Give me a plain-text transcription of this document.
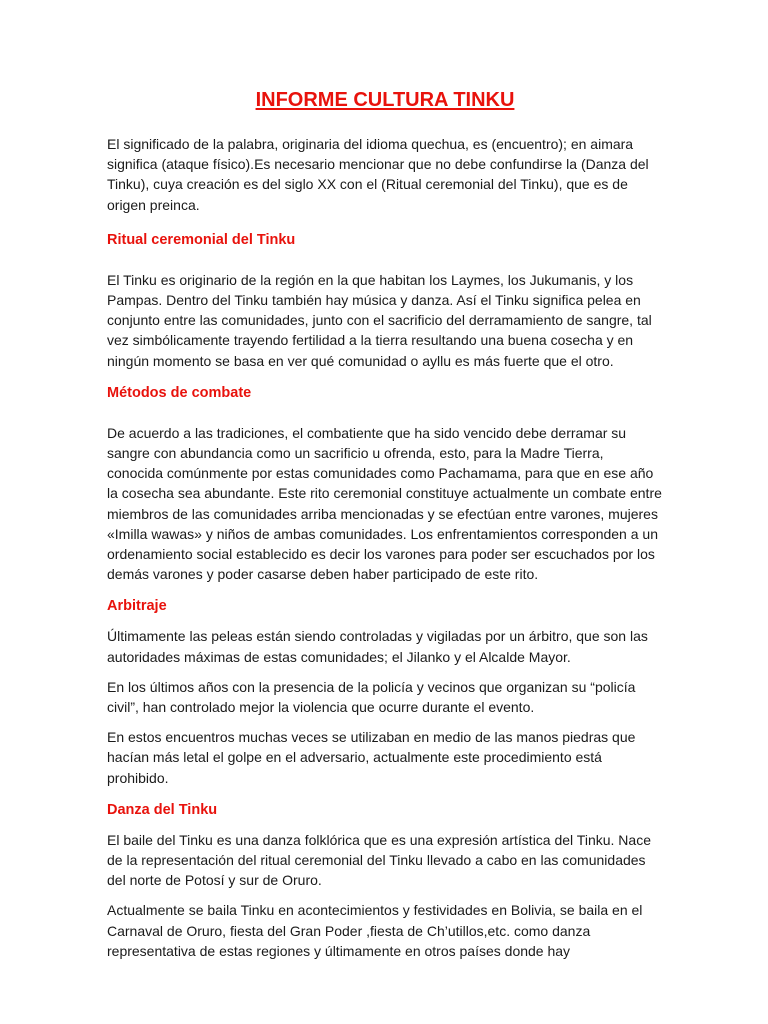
INFORME CULTURA TINKU

El significado de la palabra, originaria del idioma quechua, es (encuentro); en aimara significa (ataque físico).Es necesario mencionar que no debe confundirse la (Danza del Tinku), cuya creación es del siglo XX con el (Ritual ceremonial del Tinku), que es de origen preinca.

Ritual ceremonial del Tinku

El Tinku es originario de la región en la que habitan los Laymes, los Jukumanis, y los Pampas. Dentro del Tinku también hay música y danza. Así el Tinku significa pelea en conjunto entre las comunidades, junto con el sacrificio del derramamiento de sangre, tal vez simbólicamente trayendo fertilidad a la tierra resultando una buena cosecha y en ningún momento se basa en ver qué comunidad o ayllu es más fuerte que el otro.

Métodos de combate

De acuerdo a las tradiciones, el combatiente que ha sido vencido debe derramar su sangre con abundancia como un sacrificio u ofrenda, esto, para la Madre Tierra, conocida comúnmente por estas comunidades como Pachamama, para que en ese año la cosecha sea abundante. Este rito ceremonial constituye actualmente un combate entre miembros de las comunidades arriba mencionadas y se efectúan entre varones, mujeres «Imilla wawas» y niños de ambas comunidades. Los enfrentamientos corresponden a un ordenamiento social establecido es decir los varones para poder ser escuchados por los demás varones y poder casarse deben haber participado de este rito.

Arbitraje

Últimamente las peleas están siendo controladas y vigiladas por un árbitro, que son las autoridades máximas de estas comunidades; el Jilanko y el Alcalde Mayor.

En los últimos años con la presencia de la policía y vecinos que organizan su “policía civil”, han controlado mejor la violencia que ocurre durante el evento.

En estos encuentros muchas veces se utilizaban en medio de las manos piedras que hacían más letal el golpe en el adversario, actualmente este procedimiento está prohibido.

Danza del Tinku

El baile del Tinku es una danza folklórica que es una expresión artística del Tinku. Nace de la representación del ritual ceremonial del Tinku llevado a cabo en las comunidades del norte de Potosí y sur de Oruro.

Actualmente se baila Tinku en acontecimientos y festividades en Bolivia, se baila en el Carnaval de Oruro, fiesta del Gran Poder ,fiesta de Ch’utillos,etc. como danza representativa de estas regiones y últimamente en otros países donde hay
